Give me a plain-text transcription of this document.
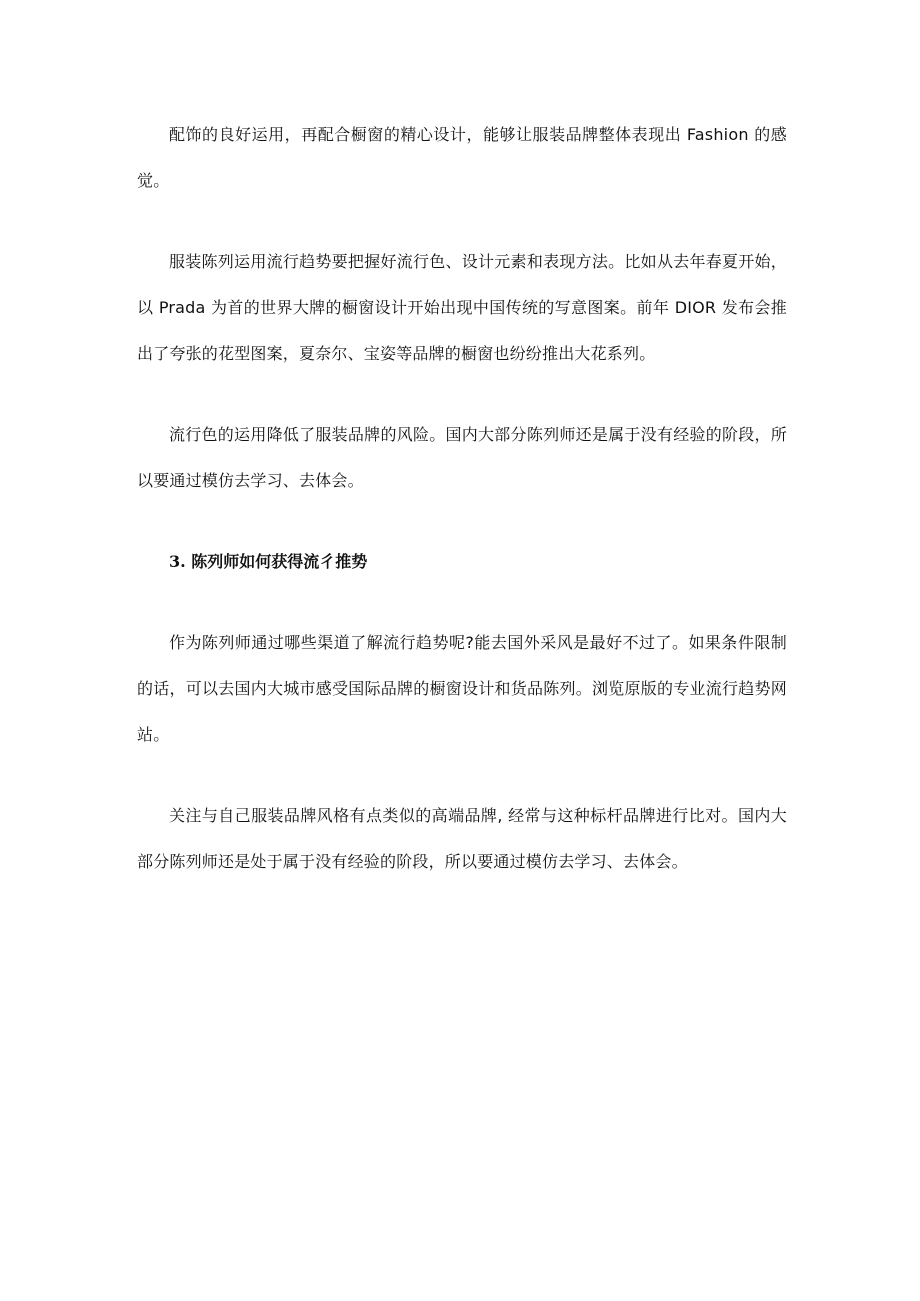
配饰的良好运用，再配合橱窗的精心设计，能够让服装品牌整体表现出 Fashion 的感觉。

服装陈列运用流行趋势要把握好流行色、设计元素和表现方法。比如从去年春夏开始，以 Prada 为首的世界大牌的橱窗设计开始出现中国传统的写意图案。前年 DIOR 发布会推出了夸张的花型图案，夏奈尔、宝姿等品牌的橱窗也纷纷推出大花系列。

流行色的运用降低了服装品牌的风险。国内大部分陈列师还是属于没有经验的阶段，所以要通过模仿去学习、去体会。

3. 陈列师如何获得流彳推势

作为陈列师通过哪些渠道了解流行趋势呢?能去国外采风是最好不过了。如果条件限制的话，可以去国内大城市感受国际品牌的橱窗设计和货品陈列。浏览原版的专业流行趋势网站。

关注与自己服装品牌风格有点类似的高端品牌, 经常与这种标杆品牌进行比对。国内大部分陈列师还是处于属于没有经验的阶段，所以要通过模仿去学习、去体会。
